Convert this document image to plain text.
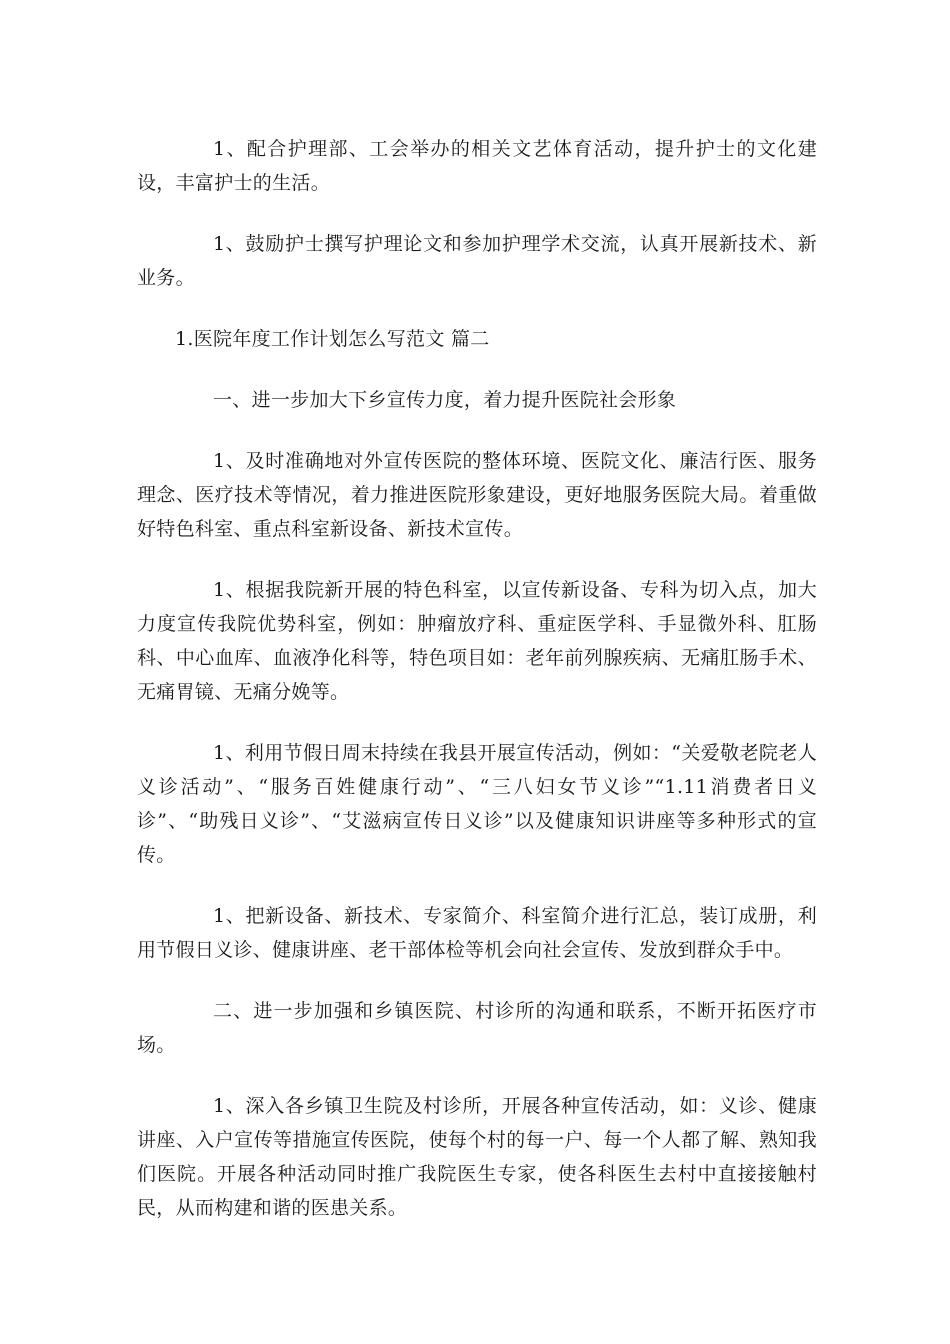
1、配合护理部、工会举办的相关文艺体育活动，提升护士的文化建设，丰富护士的生活。

1、鼓励护士撰写护理论文和参加护理学术交流，认真开展新技术、新业务。

1.医院年度工作计划怎么写范文 篇二

一、进一步加大下乡宣传力度，着力提升医院社会形象

1、及时准确地对外宣传医院的整体环境、医院文化、廉洁行医、服务理念、医疗技术等情况，着力推进医院形象建设，更好地服务医院大局。着重做好特色科室、重点科室新设备、新技术宣传。

1、根据我院新开展的特色科室，以宣传新设备、专科为切入点，加大力度宣传我院优势科室，例如：肿瘤放疗科、重症医学科、手显微外科、肛肠科、中心血库、血液净化科等，特色项目如：老年前列腺疾病、无痛肛肠手术、无痛胃镜、无痛分娩等。

1、利用节假日周末持续在我县开展宣传活动，例如：“关爱敬老院老人义诊活动”、“服务百姓健康行动”、“三八妇女节义诊”“1.11消费者日义诊”、“助残日义诊”、“艾滋病宣传日义诊”以及健康知识讲座等多种形式的宣传。

1、把新设备、新技术、专家简介、科室简介进行汇总，装订成册，利用节假日义诊、健康讲座、老干部体检等机会向社会宣传、发放到群众手中。

二、进一步加强和乡镇医院、村诊所的沟通和联系，不断开拓医疗市场。

1、深入各乡镇卫生院及村诊所，开展各种宣传活动，如：义诊、健康讲座、入户宣传等措施宣传医院，使每个村的每一户、每一个人都了解、熟知我们医院。开展各种活动同时推广我院医生专家，使各科医生去村中直接接触村民，从而构建和谐的医患关系。
